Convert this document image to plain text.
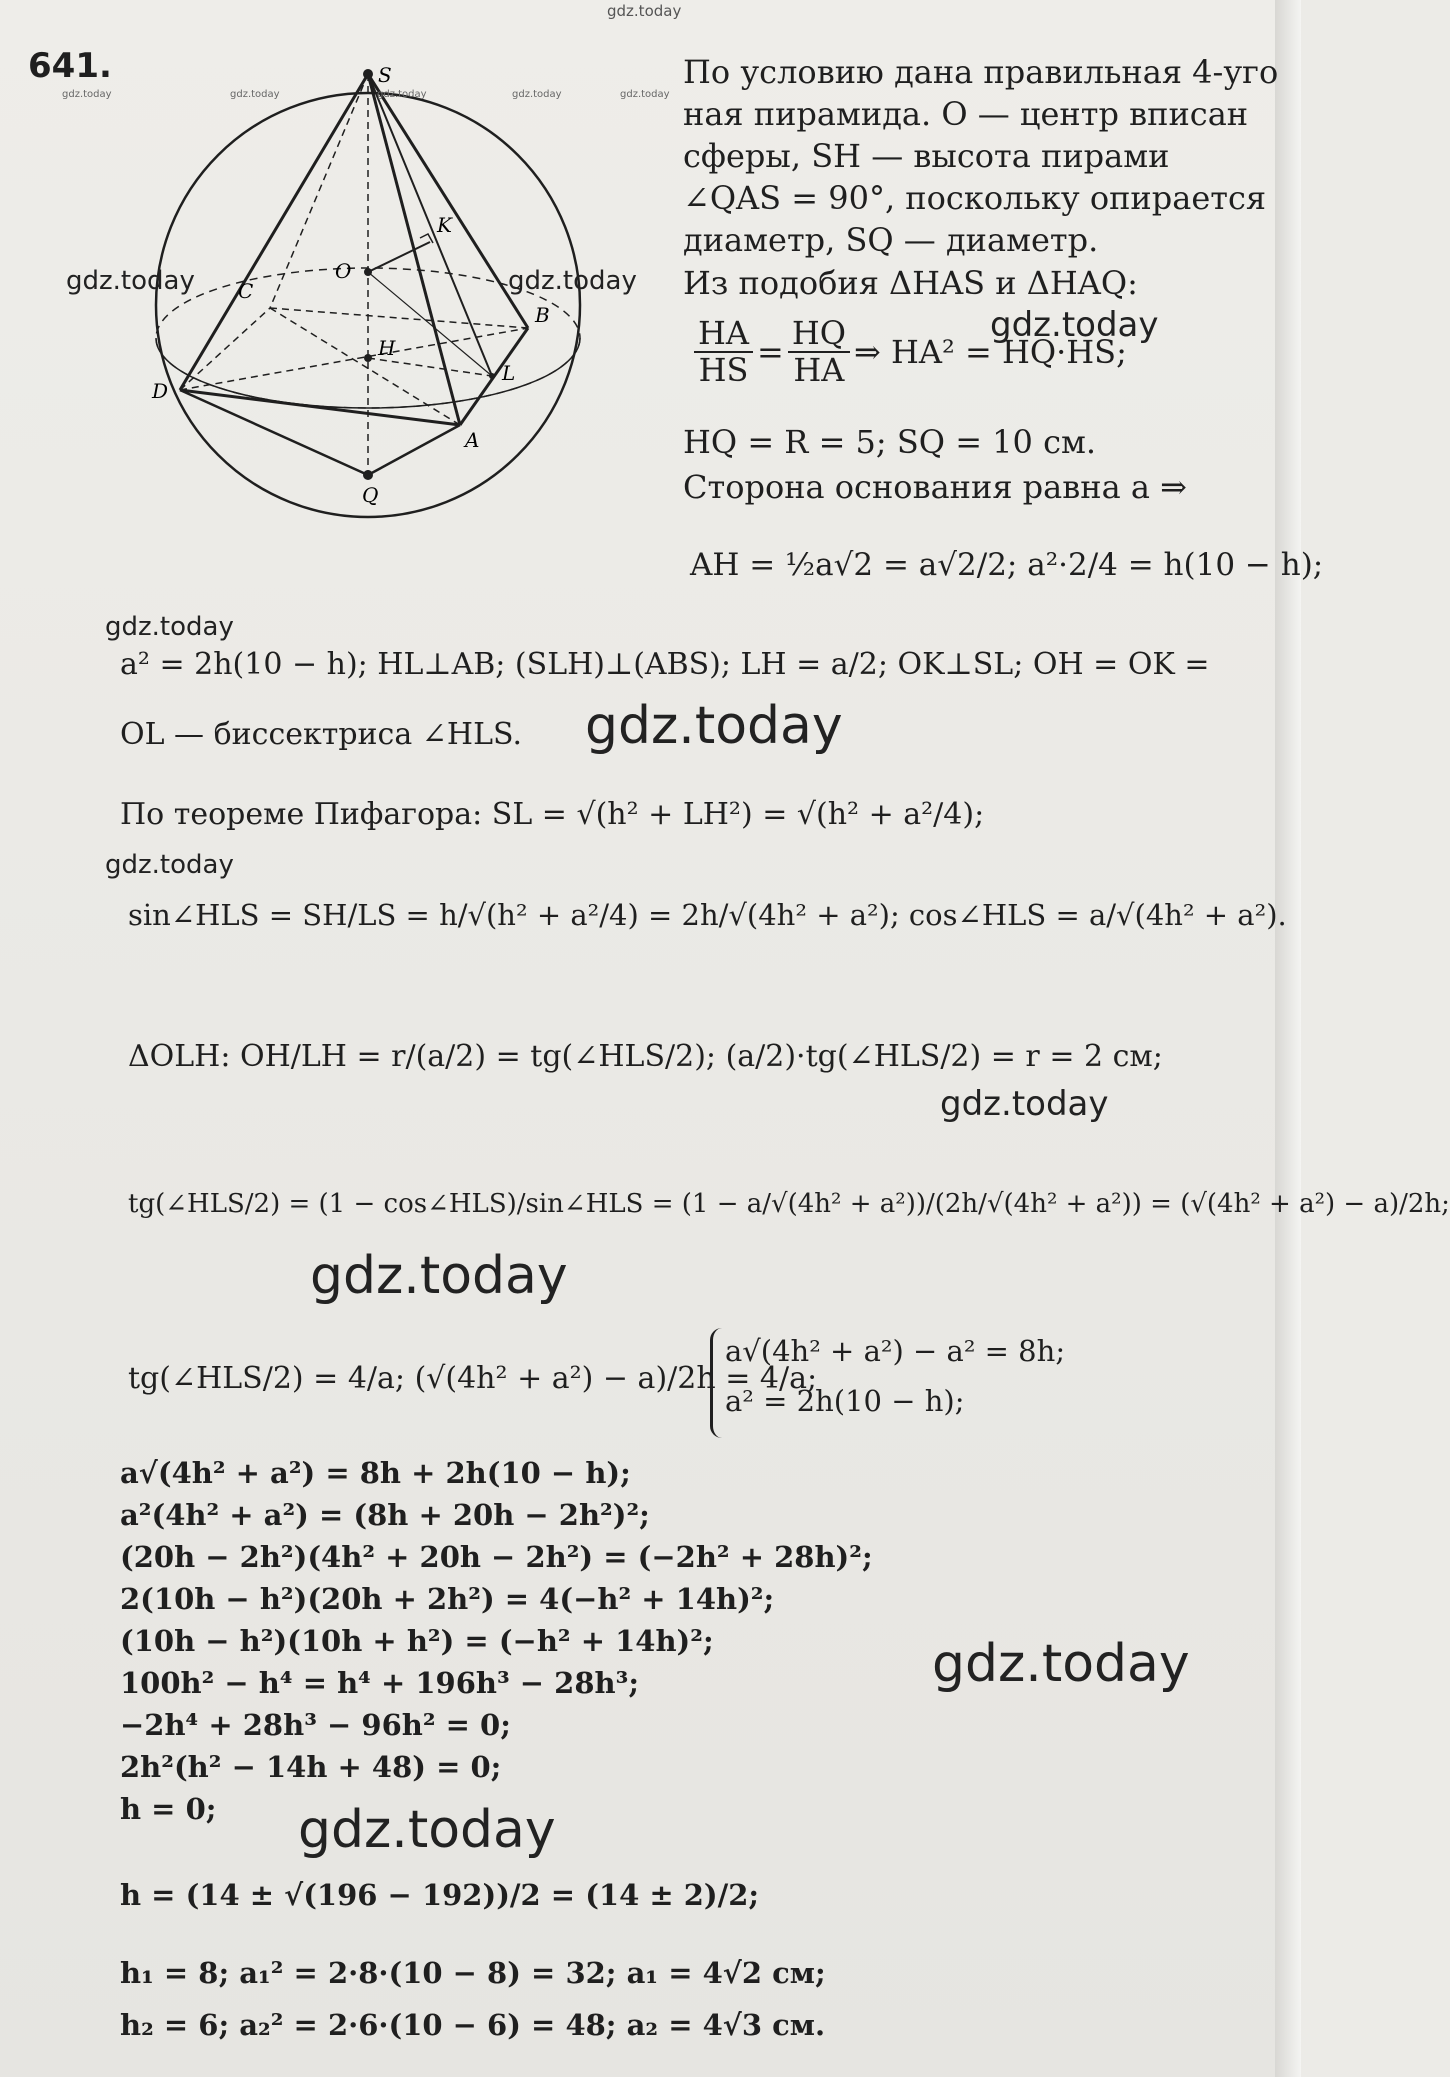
gdz.today
641.	S
O
K
C
B
H
L
D
A
Q
gdz.today	gdz.today	gdz.today	gdz.today	gdz.today
gdz.today	gdz.today
По условию дана правильная 4-уго
ная пирамида. O — центр вписан
сферы, SH — высота пирами
∠QAS = 90°, поскольку опирается
диаметр, SQ — диаметр.
Из подобия ΔHAS и ΔHAQ:
$\frac{HA}{HS} = \frac{HQ}{HA}$ ⇒ HA² = HQ·HS;
gdz.today
HQ = R = 5; SQ = 10 см.
Сторона основания равна a ⇒
AH = ½a√2 = a√2/2; a²·2/4 = h(10 − h);
gdz.today
a² = 2h(10 − h); HL⊥AB; (SLH)⊥(ABS); LH = a/2; OK⊥SL; OH = OK =
OL — биссектриса ∠HLS. gdz.today
По теореме Пифагора: SL = √(h² + LH²) = √(h² + a²/4);
gdz.today
sin∠HLS = SH/LS = h/√(h² + a²/4) = 2h/√(4h² + a²); cos∠HLS = a/√(4h² + a²).
ΔOLH: OH/LH = r/(a/2) = tg(∠HLS/2); (a/2)·tg(∠HLS/2) = r = 2 см;
gdz.today
tg(∠HLS/2) = (1 − cos∠HLS)/sin∠HLS = (1 − a/√(4h² + a²))/(2h/√(4h² + a²)) = (√(4h² + a²) − a)/2h;
gdz.today
tg(∠HLS/2) = 4/a; (√(4h² + a²) − a)/2h = 4/a;
a√(4h² + a²) − a² = 8h;
a² = 2h(10 − h);
a√(4h² + a²) = 8h + 2h(10 − h);
a²(4h² + a²) = (8h + 20h − 2h²)²;
(20h − 2h²)(4h² + 20h − 2h²) = (−2h² + 28h)²;
2(10h − h²)(20h + 2h²) = 4(−h² + 14h)²;
(10h − h²)(10h + h²) = (−h² + 14h)²;
100h² − h⁴ = h⁴ + 196h³ − 28h³;	gdz.today
−2h⁴ + 28h³ − 96h² = 0;
2h²(h² − 14h + 48) = 0;
h = 0; gdz.today
h = (14 ± √(196 − 192))/2 = (14 ± 2)/2;
h₁ = 8; a₁² = 2·8·(10 − 8) = 32; a₁ = 4√2 см;
h₂ = 6; a₂² = 2·6·(10 − 6) = 48; a₂ = 4√3 см.
